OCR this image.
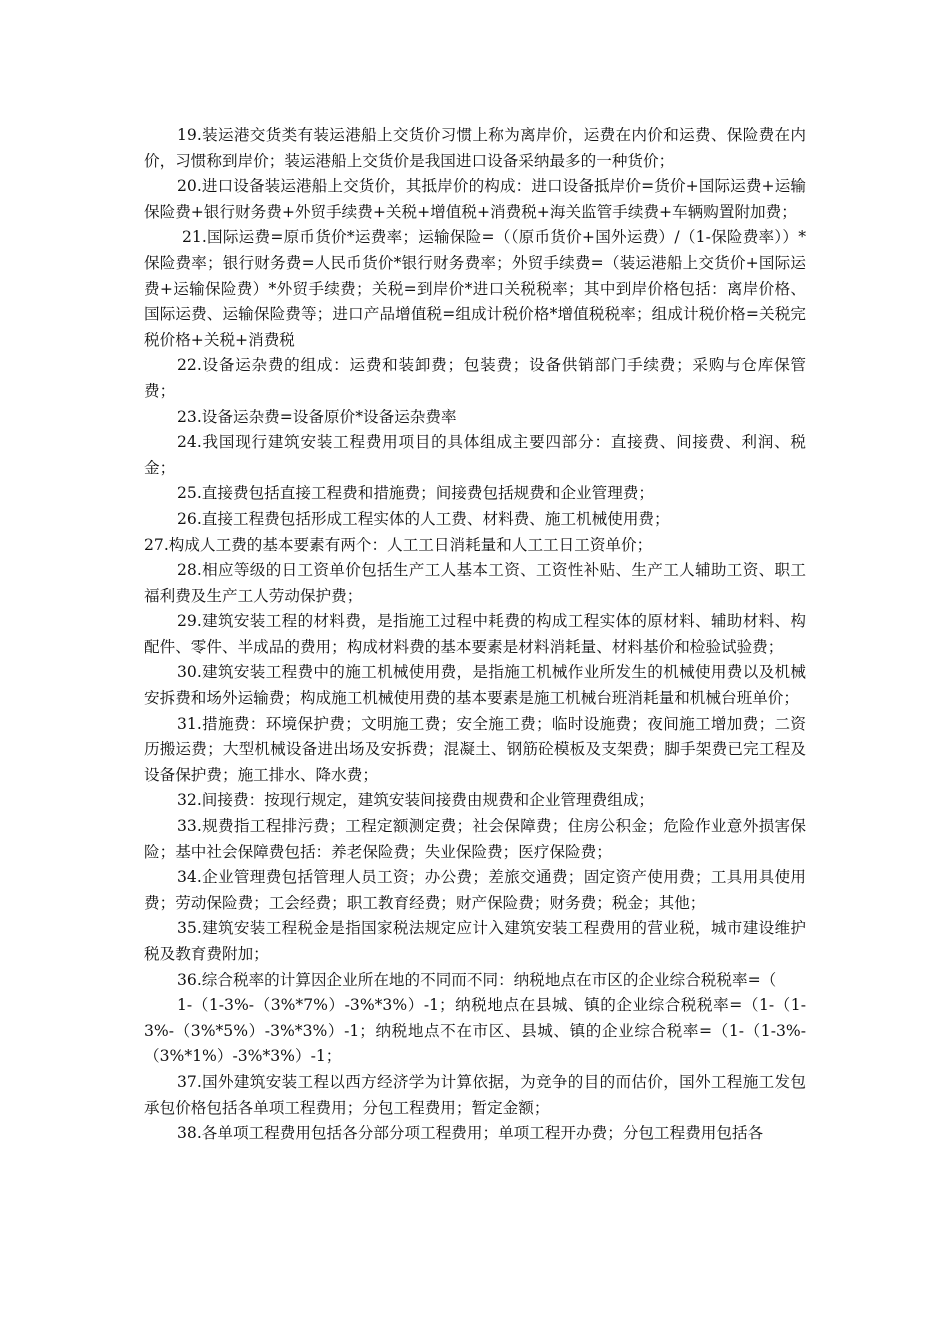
19.装运港交货类有装运港船上交货价习惯上称为离岸价，运费在内价和运费、保险费在内价，习惯称到岸价；装运港船上交货价是我国进口设备采纳最多的一种货价；

20.进口设备装运港船上交货价，其抵岸价的构成：进口设备抵岸价=货价+国际运费+运输保险费+银行财务费+外贸手续费+关税+增值税+消费税+海关监管手续费+车辆购置附加费；

21.国际运费=原币货价*运费率；运输保险=（（原币货价+国外运费）/（1-保险费率））*保险费率；银行财务费=人民币货价*银行财务费率；外贸手续费=（装运港船上交货价+国际运费+运输保险费）*外贸手续费；关税=到岸价*进口关税税率；其中到岸价格包括：离岸价格、国际运费、运输保险费等；进口产品增值税=组成计税价格*增值税税率；组成计税价格=关税完税价格+关税+消费税

22.设备运杂费的组成：运费和装卸费；包装费；设备供销部门手续费；采购与仓库保管费；

23.设备运杂费=设备原价*设备运杂费率

24.我国现行建筑安装工程费用项目的具体组成主要四部分：直接费、间接费、利润、税金；

25.直接费包括直接工程费和措施费；间接费包括规费和企业管理费；

26.直接工程费包括形成工程实体的人工费、材料费、施工机械使用费；

27.构成人工费的基本要素有两个：人工工日消耗量和人工工日工资单价；

28.相应等级的日工资单价包括生产工人基本工资、工资性补贴、生产工人辅助工资、职工福利费及生产工人劳动保护费；

29.建筑安装工程的材料费，是指施工过程中耗费的构成工程实体的原材料、辅助材料、构配件、零件、半成品的费用；构成材料费的基本要素是材料消耗量、材料基价和检验试验费；

30.建筑安装工程费中的施工机械使用费，是指施工机械作业所发生的机械使用费以及机械安拆费和场外运输费；构成施工机械使用费的基本要素是施工机械台班消耗量和机械台班单价；

31.措施费：环境保护费；文明施工费；安全施工费；临时设施费；夜间施工增加费；二资历搬运费；大型机械设备进出场及安拆费；混凝土、钢筋砼模板及支架费；脚手架费已完工程及设备保护费；施工排水、降水费；

32.间接费：按现行规定，建筑安装间接费由规费和企业管理费组成；

33.规费指工程排污费；工程定额测定费；社会保障费；住房公积金；危险作业意外损害保险；基中社会保障费包括：养老保险费；失业保险费；医疗保险费；

34.企业管理费包括管理人员工资；办公费；差旅交通费；固定资产使用费；工具用具使用费；劳动保险费；工会经费；职工教育经费；财产保险费；财务费；税金；其他；

35.建筑安装工程税金是指国家税法规定应计入建筑安装工程费用的营业税，城市建设维护税及教育费附加；

36.综合税率的计算因企业所在地的不同而不同：纳税地点在市区的企业综合税税率=（

1-（1-3%-（3%*7%）-3%*3%）-1；纳税地点在县城、镇的企业综合税税率=（1-（1-3%-（3%*5%）-3%*3%）-1；纳税地点不在市区、县城、镇的企业综合税率=（1-（1-3%-（3%*1%）-3%*3%）-1；

37.国外建筑安装工程以西方经济学为计算依据，为竞争的目的而估价，国外工程施工发包承包价格包括各单项工程费用；分包工程费用；暂定金额；

38.各单项工程费用包括各分部分项工程费用；单项工程开办费；分包工程费用包括各
